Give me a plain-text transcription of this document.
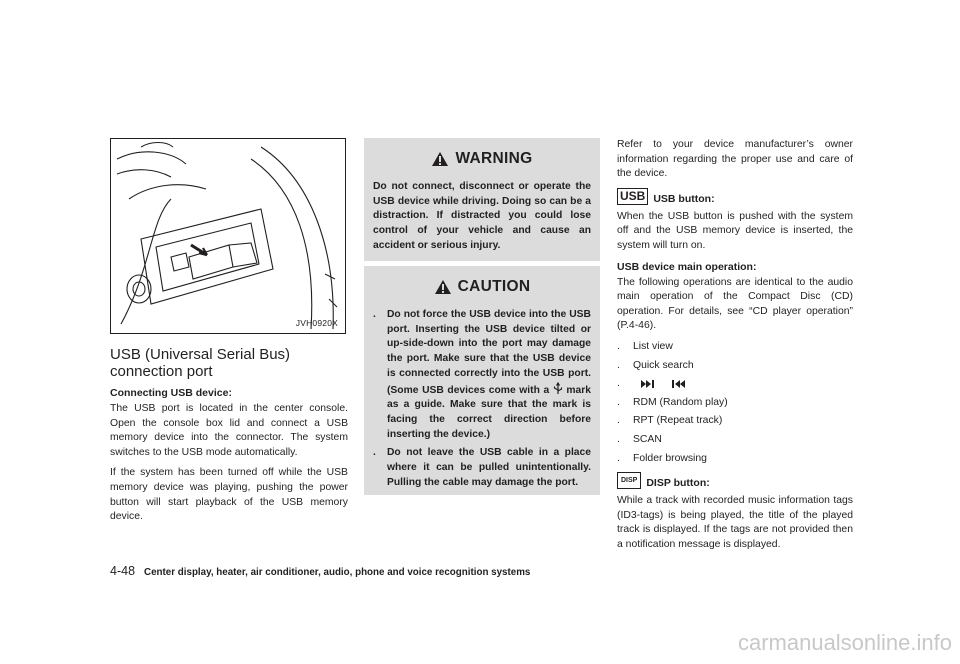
JVH0920X
USB (Universal Serial Bus) connection port
Connecting USB device:

The USB port is located in the center console. Open the console box lid and connect a USB memory device into the connector. The system switches to the USB mode automatically.

If the system has been turned off while the USB memory device was playing, pushing the power button will start playback of the USB memory device.

WARNING
Do not connect, disconnect or operate the USB device while driving. Doing so can be a distraction. If distracted you could lose control of your vehicle and cause an accident or serious injury.
CAUTION
.	Do not force the USB device into the USB port. Inserting the USB device tilted or up-side-down into the port may damage the port. Make sure that the USB device is connected correctly into the USB port. (Some USB devices come with a  mark as a guide. Make sure that the mark is facing the correct direction before inserting the device.)
.	Do not leave the USB cable in a place where it can be pulled unintentionally. Pulling the cable may damage the port.

Refer to your device manufacturer’s owner information regarding the proper use and care of the device.

USB USB button:

When the USB button is pushed with the system off and the USB memory device is inserted, the system will turn on.

USB device main operation:

The following operations are identical to the audio main operation of the Compact Disc (CD) operation. For details, see “CD player operation” (P.4-46).

.	List view
.	Quick search
.
.	RDM (Random play)
.	RPT (Repeat track)
.	SCAN
.	Folder browsing
DISP DISP button:

While a track with recorded music information tags (ID3-tags) is being played, the title of the played track is displayed. If the tags are not provided then a notification message is displayed.

4-48 Center display, heater, air conditioner, audio, phone and voice recognition systems
carmanualsonline.info
